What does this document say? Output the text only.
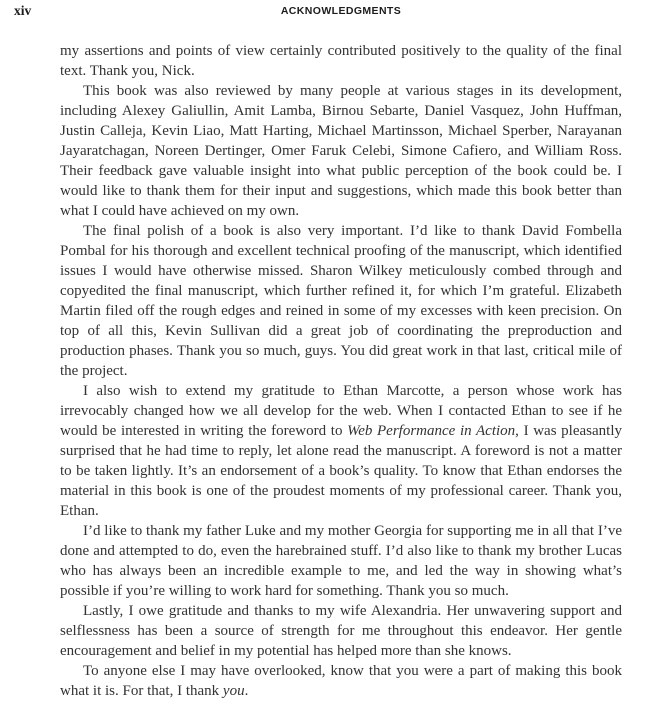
xiv	ACKNOWLEDGMENTS

my assertions and points of view certainly contributed positively to the quality of the final text. Thank you, Nick.

This book was also reviewed by many people at various stages in its development, including Alexey Galiullin, Amit Lamba, Birnou Sebarte, Daniel Vasquez, John Huffman, Justin Calleja, Kevin Liao, Matt Harting, Michael Martinsson, Michael Sperber, Narayanan Jayaratchagan, Noreen Dertinger, Omer Faruk Celebi, Simone Cafiero, and William Ross. Their feedback gave valuable insight into what public perception of the book could be. I would like to thank them for their input and suggestions, which made this book better than what I could have achieved on my own.

The final polish of a book is also very important. I’d like to thank David Fombella Pombal for his thorough and excellent technical proofing of the manuscript, which identified issues I would have otherwise missed. Sharon Wilkey meticulously combed through and copyedited the final manuscript, which further refined it, for which I’m grateful. Elizabeth Martin filed off the rough edges and reined in some of my excesses with keen precision. On top of all this, Kevin Sullivan did a great job of coordinating the preproduction and production phases. Thank you so much, guys. You did great work in that last, critical mile of the project.

I also wish to extend my gratitude to Ethan Marcotte, a person whose work has irrevocably changed how we all develop for the web. When I contacted Ethan to see if he would be interested in writing the foreword to Web Performance in Action, I was pleasantly surprised that he had time to reply, let alone read the manuscript. A foreword is not a matter to be taken lightly. It’s an endorsement of a book’s quality. To know that Ethan endorses the material in this book is one of the proudest moments of my professional career. Thank you, Ethan.

I’d like to thank my father Luke and my mother Georgia for supporting me in all that I’ve done and attempted to do, even the harebrained stuff. I’d also like to thank my brother Lucas who has always been an incredible example to me, and led the way in showing what’s possible if you’re willing to work hard for something. Thank you so much.

Lastly, I owe gratitude and thanks to my wife Alexandria. Her unwavering support and selflessness has been a source of strength for me throughout this endeavor. Her gentle encouragement and belief in my potential has helped more than she knows.

To anyone else I may have overlooked, know that you were a part of making this book what it is. For that, I thank you.
